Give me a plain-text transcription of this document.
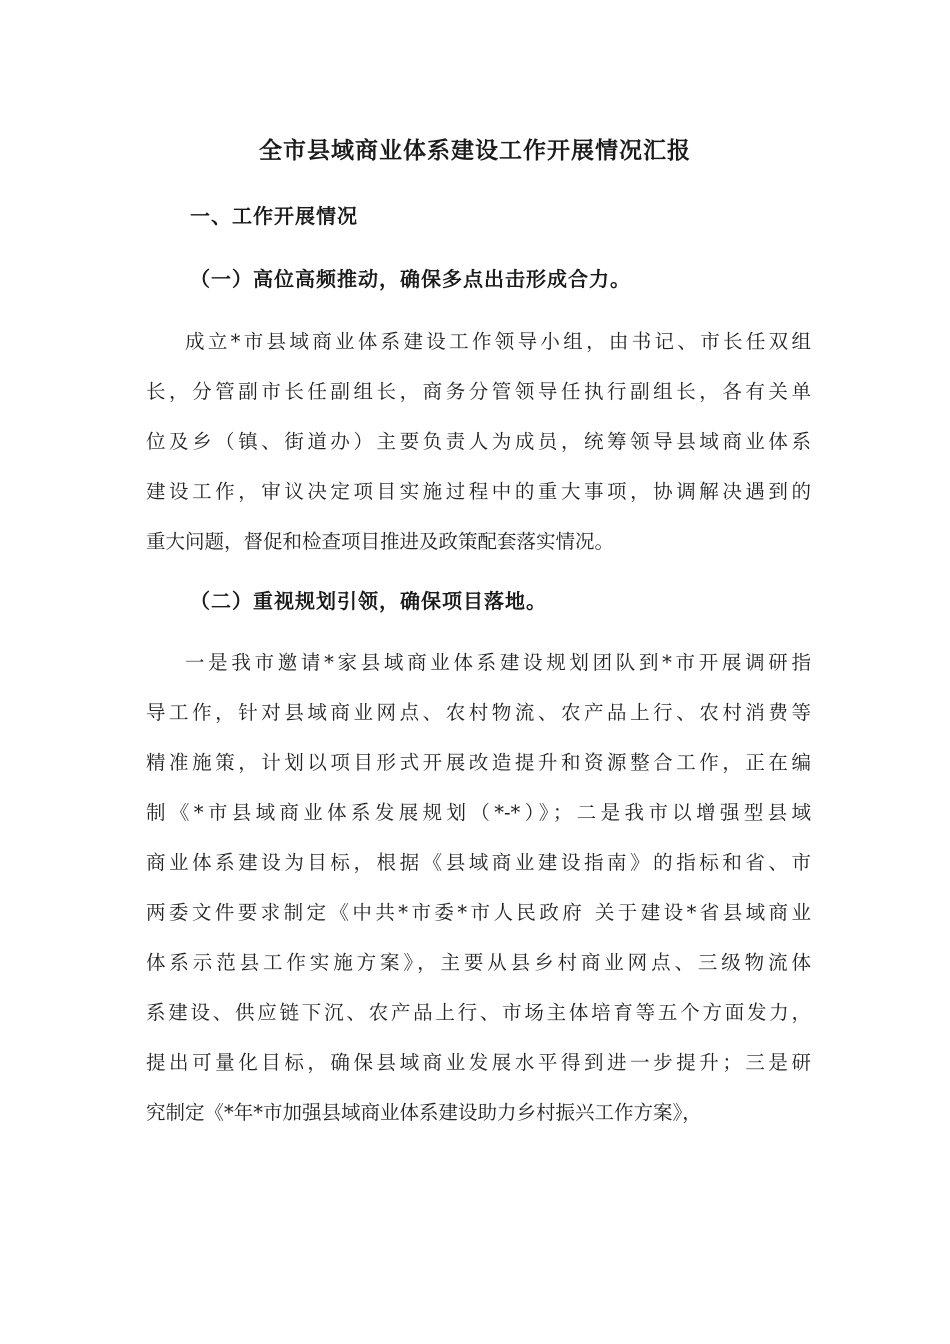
全市县域商业体系建设工作开展情况汇报
一、工作开展情况
（一）高位高频推动，确保多点出击形成合力。
成立*市县域商业体系建设工作领导小组，由书记、市长任双组
长，分管副市长任副组长，商务分管领导任执行副组长，各有关单
位及乡（镇、街道办）主要负责人为成员，统筹领导县域商业体系
建设工作，审议决定项目实施过程中的重大事项，协调解决遇到的
重大问题，督促和检查项目推进及政策配套落实情况。
（二）重视规划引领，确保项目落地。
一是我市邀请*家县域商业体系建设规划团队到*市开展调研指
导工作，针对县域商业网点、农村物流、农产品上行、农村消费等
精准施策，计划以项目形式开展改造提升和资源整合工作，正在编
制《*市县域商业体系发展规划（*-*）》；二是我市以增强型县域
商业体系建设为目标，根据《县域商业建设指南》的指标和省、市
两委文件要求制定《中共*市委*市人民政府 关于建设*省县域商业
体系示范县工作实施方案》，主要从县乡村商业网点、三级物流体
系建设、供应链下沉、农产品上行、市场主体培育等五个方面发力，
提出可量化目标，确保县域商业发展水平得到进一步提升；三是研
究制定《*年*市加强县域商业体系建设助力乡村振兴工作方案》，
